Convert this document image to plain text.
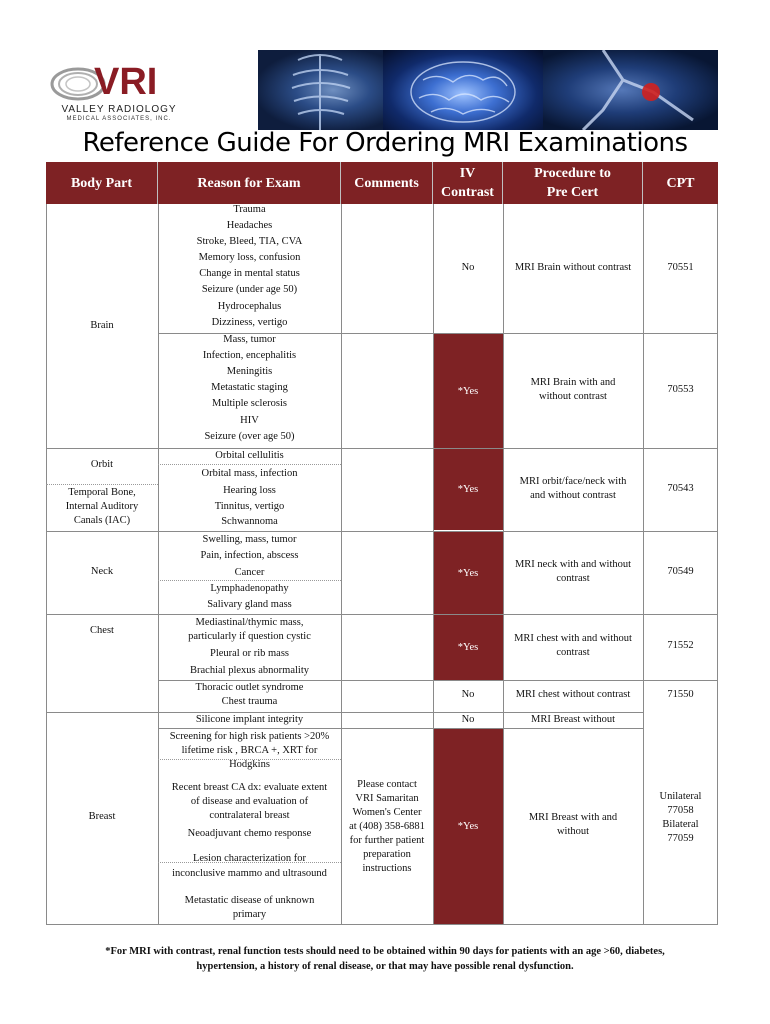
VRI
VALLEY RADIOLOGY
MEDICAL ASSOCIATES, INC.
Reference Guide For Ordering MRI Examinations
Body Part	Reason for Exam	Comments
IV
Contrast
Procedure to
Pre Cert
CPT
*Yes
*Yes
*Yes
*Yes
*Yes
Brain
Orbit
Temporal Bone,
Internal Auditory
Canals (IAC)
Neck
Chest
Breast
Trauma
Headaches
Stroke, Bleed, TIA, CVA
Memory loss, confusion
Change in mental status
Seizure (under age 50)
Hydrocephalus
Dizziness, vertigo
Mass, tumor
Infection, encephalitis
Meningitis
Metastatic staging
Multiple sclerosis
HIV
Seizure (over age 50)
Orbital cellulitis
Orbital mass, infection
Hearing loss
Tinnitus, vertigo
Schwannoma
Swelling, mass, tumor
Pain, infection, abscess
Cancer
Lymphadenopathy
Salivary gland mass
Mediastinal/thymic mass,
particularly if question cystic
Pleural or rib mass
Brachial plexus abnormality
Thoracic outlet syndrome
Chest trauma
Silicone implant integrity
Screening for high risk patients >20%
lifetime risk , BRCA +, XRT for
Hodgkins
Recent breast CA dx: evaluate extent
of disease and evaluation of
contralateral breast
Neoadjuvant chemo response
Lesion characterization for
inconclusive mammo and ultrasound
Metastatic disease of unknown
primary
Please contact
VRI Samaritan
Women's Center
at (408) 358-6881
for further patient
preparation
instructions
No
No
No
MRI Brain without contrast
MRI Brain with and
without contrast
MRI orbit/face/neck with
and without contrast
MRI neck with and without
contrast
MRI chest with and without
contrast
MRI chest without contrast
MRI Breast without
MRI Breast with and
without
70551
70553
70543
70549
71552
71550
Unilateral
77058
Bilateral
77059
*For MRI with contrast, renal function tests should need to be obtained within 90 days for patients with an age >60, diabetes,
hypertension, a history of renal disease, or that may have possible renal dysfunction.
